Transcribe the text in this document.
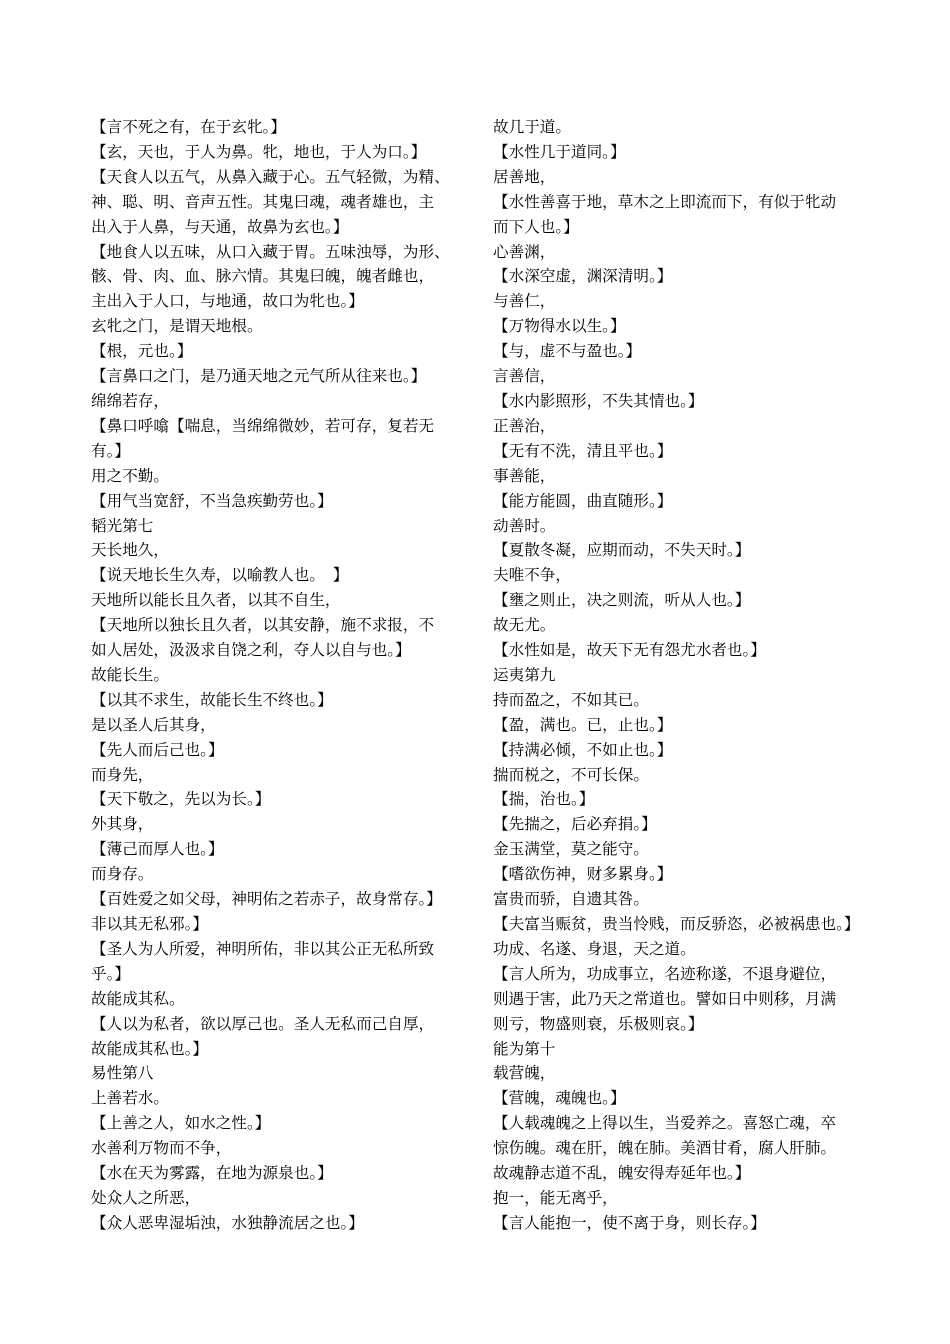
【言不死之有，在于玄牝。】
【玄，天也，于人为鼻。牝，地也，于人为口。】
【天食人以五气，从鼻入藏于心。五气轻微，为精、
神、聪、明、音声五性。其鬼曰魂，魂者雄也，主
出入于人鼻，与天通，故鼻为玄也。】
【地食人以五味，从口入藏于胃。五味浊辱，为形、
骸、骨、肉、血、脉六情。其鬼曰魄，魄者雌也，
主出入于人口，与地通，故口为牝也。】
玄牝之门，是谓天地根。
【根，元也。】
【言鼻口之门，是乃通天地之元气所从往来也。】
绵绵若存，
【鼻口呼噏【喘息，当绵绵微妙，若可存，复若无
有。】
用之不勤。
【用气当宽舒，不当急疾勤劳也。】
韬光第七
天长地久，
【说天地长生久寿，以喻教人也。　】
天地所以能长且久者，以其不自生，
【天地所以独长且久者，以其安静，施不求报，不
如人居处，汲汲求自饶之利，夺人以自与也。】
故能长生。
【以其不求生，故能长生不终也。】
是以圣人后其身，
【先人而后己也。】
而身先，
【天下敬之，先以为长。】
外其身，
【薄己而厚人也。】
而身存。
【百姓爱之如父母，神明佑之若赤子，故身常存。】
非以其无私邪。】
【圣人为人所爱，神明所佑，非以其公正无私所致
乎。】
故能成其私。
【人以为私者，欲以厚己也。圣人无私而己自厚，
故能成其私也。】
易性第八
上善若水。
【上善之人，如水之性。】
水善利万物而不争，
【水在天为雾露，在地为源泉也。】
处众人之所恶，
【众人恶卑湿垢浊，水独静流居之也。】
故几于道。
【水性几于道同。】
居善地，
【水性善喜于地，草木之上即流而下，有似于牝动
而下人也。】
心善渊，
【水深空虚，渊深清明。】
与善仁，
【万物得水以生。】
【与，虚不与盈也。】
言善信，
【水内影照形，不失其情也。】
正善治，
【无有不洗，清且平也。】
事善能，
【能方能圆，曲直随形。】
动善时。
【夏散冬凝，应期而动，不失天时。】
夫唯不争，
【壅之则止，决之则流，听从人也。】
故无尤。
【水性如是，故天下无有怨尤水者也。】
运夷第九
持而盈之，不如其已。
【盈，满也。已，止也。】
【持满必倾，不如止也。】
揣而棁之，不可长保。
【揣，治也。】
【先揣之，后必弃捐。】
金玉满堂，莫之能守。
【嗜欲伤神，财多累身。】
富贵而骄，自遗其咎。
【夫富当赈贫，贵当怜贱，而反骄恣，必被祸患也。】
功成、名遂、身退，天之道。
【言人所为，功成事立，名迹称遂，不退身避位，
则遇于害，此乃天之常道也。譬如日中则移，月满
则亏，物盛则衰，乐极则哀。】
能为第十
载营魄，
【营魄，魂魄也。】
【人载魂魄之上得以生，当爱养之。喜怒亡魂，卒
惊伤魄。魂在肝，魄在肺。美酒甘肴，腐人肝肺。
故魂静志道不乱，魄安得寿延年也。】
抱一，能无离乎，
【言人能抱一，使不离于身，则长存。】
